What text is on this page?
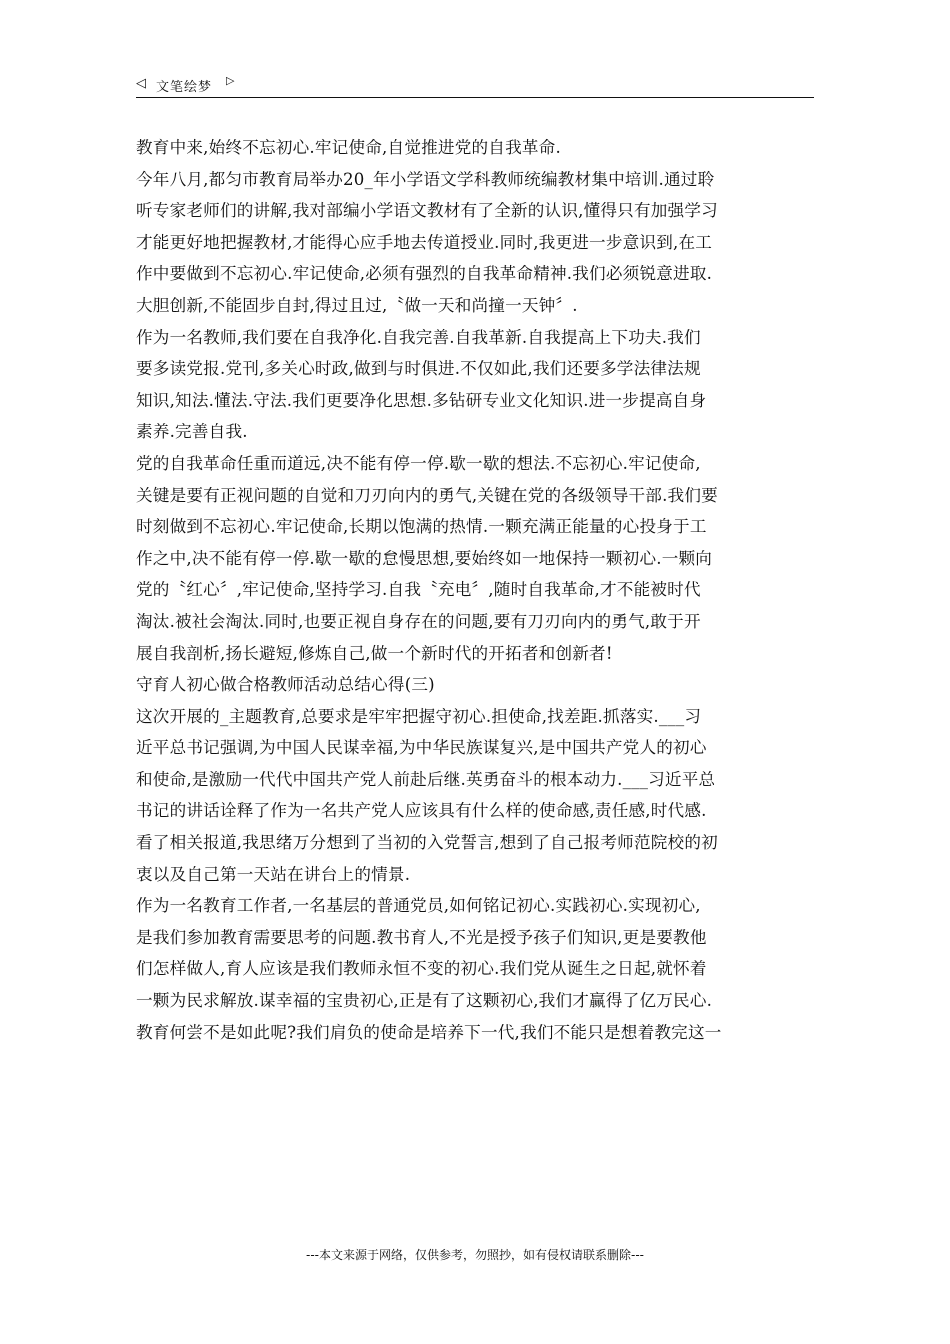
◁ 文笔绘梦 ▷
教育中来,始终不忘初心.牢记使命,自觉推进党的自我革命.
今年八月,都匀市教育局举办20_年小学语文学科教师统编教材集中培训.通过聆
听专家老师们的讲解,我对部编小学语文教材有了全新的认识,懂得只有加强学习
才能更好地把握教材,才能得心应手地去传道授业.同时,我更进一步意识到,在工
作中要做到不忘初心.牢记使命,必须有强烈的自我革命精神.我们必须锐意进取.
大胆创新,不能固步自封,得过且过,〝做一天和尚撞一天钟〞.
作为一名教师,我们要在自我净化.自我完善.自我革新.自我提高上下功夫.我们
要多读党报.党刊,多关心时政,做到与时俱进.不仅如此,我们还要多学法律法规
知识,知法.懂法.守法.我们更要净化思想.多钻研专业文化知识.进一步提高自身
素养.完善自我.
党的自我革命任重而道远,决不能有停一停.歇一歇的想法.不忘初心.牢记使命,
关键是要有正视问题的自觉和刀刃向内的勇气,关键在党的各级领导干部.我们要
时刻做到不忘初心.牢记使命,长期以饱满的热情.一颗充满正能量的心投身于工
作之中,决不能有停一停.歇一歇的怠慢思想,要始终如一地保持一颗初心.一颗向
党的〝红心〞,牢记使命,坚持学习.自我〝充电〞,随时自我革命,才不能被时代
淘汰.被社会淘汰.同时,也要正视自身存在的问题,要有刀刃向内的勇气,敢于开
展自我剖析,扬长避短,修炼自己,做一个新时代的开拓者和创新者!
守育人初心做合格教师活动总结心得(三)
这次开展的_主题教育,总要求是牢牢把握守初心.担使命,找差距.抓落实.___习
近平总书记强调,为中国人民谋幸福,为中华民族谋复兴,是中国共产党人的初心
和使命,是激励一代代中国共产党人前赴后继.英勇奋斗的根本动力.___习近平总
书记的讲话诠释了作为一名共产党人应该具有什么样的使命感,责任感,时代感.
看了相关报道,我思绪万分想到了当初的入党誓言,想到了自己报考师范院校的初
衷以及自己第一天站在讲台上的情景.
作为一名教育工作者,一名基层的普通党员,如何铭记初心.实践初心.实现初心,
是我们参加教育需要思考的问题.教书育人,不光是授予孩子们知识,更是要教他
们怎样做人,育人应该是我们教师永恒不变的初心.我们党从诞生之日起,就怀着
一颗为民求解放.谋幸福的宝贵初心,正是有了这颗初心,我们才赢得了亿万民心.
教育何尝不是如此呢?我们肩负的使命是培养下一代,我们不能只是想着教完这一
---本文来源于网络，仅供参考，勿照抄，如有侵权请联系删除---
